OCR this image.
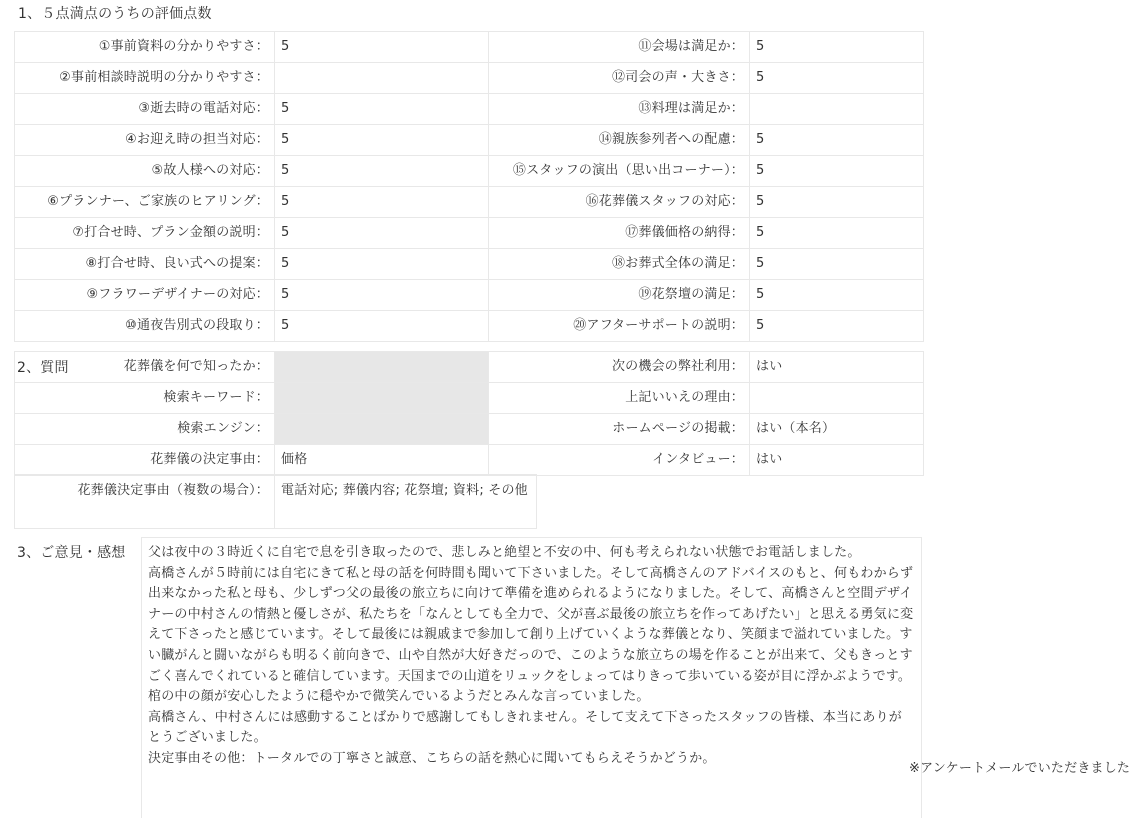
1、５点満点のうちの評価点数
①事前資料の分かりやすさ：	5	⑪会場は満足か：	5
②事前相談時説明の分かりやすさ：		⑫司会の声・大きさ：	5
③逝去時の電話対応：	5	⑬料理は満足か：	
④お迎え時の担当対応：	5	⑭親族参列者への配慮：	5
⑤故人様への対応：	5	⑮スタッフの演出（思い出コーナー）：	5
⑥プランナー、ご家族のヒアリング：	5	⑯花葬儀スタッフの対応：	5
⑦打合せ時、プラン金額の説明：	5	⑰葬儀価格の納得：	5
⑧打合せ時、良い式への提案：	5	⑱お葬式全体の満足：	5
⑨フラワーデザイナーの対応：	5	⑲花祭壇の満足：	5
⑩通夜告別式の段取り：	5	⑳アフターサポートの説明：	5
2、質問	花葬儀を何で知ったか：		次の機会の弊社利用：	はい
検索キーワード：		上記いいえの理由：	
検索エンジン：		ホームページの掲載：	はい（本名）
花葬儀の決定事由：	価格	インタビュー：	はい
花葬儀決定事由（複数の場合）：	電話対応; 葬儀内容; 花祭壇; 資料; その他
3、ご意見・感想 父は夜中の３時近くに自宅で息を引き取ったので、悲しみと絶望と不安の中、何も考えられない状態でお電話しました。

高橋さんが５時前には自宅にきて私と母の話を何時間も聞いて下さいました。そして高橋さんのアドバイスのもと、何もわからず出来なかった私と母も、少しずつ父の最後の旅立ちに向けて準備を進められるようになりました。そして、高橋さんと空間デザイナーの中村さんの情熱と優しさが、私たちを「なんとしても全力で、父が喜ぶ最後の旅立ちを作ってあげたい」と思える勇気に変えて下さったと感じています。そして最後には親戚まで参加して創り上げていくような葬儀となり、笑顔まで溢れていました。すい臓がんと闘いながらも明るく前向きで、山や自然が大好きだっので、このような旅立ちの場を作ることが出来て、父もきっとすごく喜んでくれていると確信しています。天国までの山道をリュックをしょってはりきって歩いている姿が目に浮かぶようです。棺の中の顔が安心したように穏やかで微笑んでいるようだとみんな言っていました。

高橋さん、中村さんには感動することばかりで感謝してもしきれません。そして支えて下さったスタッフの皆様、本当にありがとうございました。

決定事由その他：トータルでの丁寧さと誠意、こちらの話を熱心に聞いてもらえそうかどうか。

※アンケートメールでいただきました
